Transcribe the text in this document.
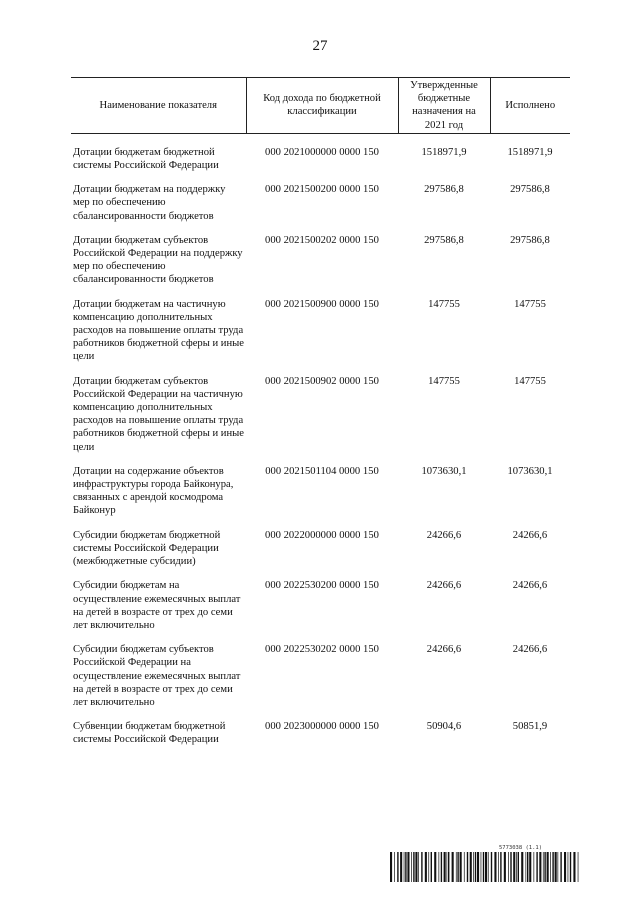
27
Наименование показателя	Код дохода по бюджетной классификации	Утвержденные бюджетные назначения на 2021 год	Исполнено
Дотации бюджетам бюджетной системы Российской Федерации	000 2021000000 0000 150	1518971,9	1518971,9
Дотации бюджетам на поддержку мер по обеспечению сбалансированности бюджетов	000 2021500200 0000 150	297586,8	297586,8
Дотации бюджетам субъектов Российской Федерации на поддержку мер по обеспечению сбалансированности бюджетов	000 2021500202 0000 150	297586,8	297586,8
Дотации бюджетам на частичную компенсацию дополнительных расходов на повышение оплаты труда работников бюджетной сферы и иные цели	000 2021500900 0000 150	147755	147755
Дотации бюджетам субъектов Российской Федерации на частичную компенсацию дополнительных расходов на повышение оплаты труда работников бюджетной сферы и иные цели	000 2021500902 0000 150	147755	147755
Дотации на содержание объектов инфраструктуры города Байконура, связанных с арендой космодрома Байконур	000 2021501104 0000 150	1073630,1	1073630,1
Субсидии бюджетам бюджетной системы Российской Федерации (межбюджетные субсидии)	000 2022000000 0000 150	24266,6	24266,6
Субсидии бюджетам на осуществление ежемесячных выплат на детей в возрасте от трех до семи лет включительно	000 2022530200 0000 150	24266,6	24266,6
Субсидии бюджетам субъектов Российской Федерации на осуществление ежемесячных выплат на детей в возрасте от трех до семи лет включительно	000 2022530202 0000 150	24266,6	24266,6
Субвенции бюджетам бюджетной системы Российской Федерации	000 2023000000 0000 150	50904,6	50851,9
5773038 (1.1)
